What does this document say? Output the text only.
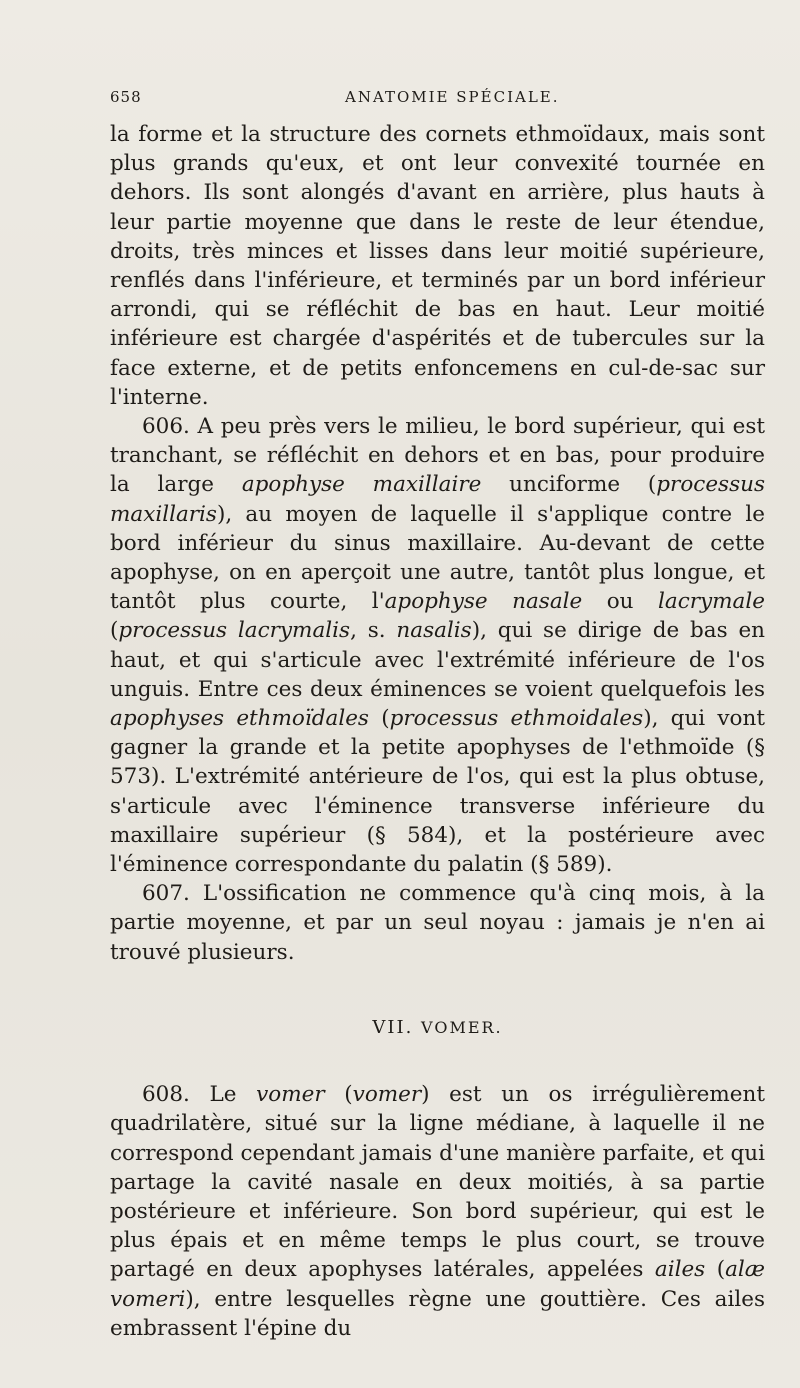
658	ANATOMIE SPÉCIALE.

la forme et la structure des cornets ethmoïdaux, mais sont plus grands qu'eux, et ont leur convexité tournée en dehors. Ils sont alongés d'avant en arrière, plus hauts à leur partie moyenne que dans le reste de leur étendue, droits, très minces et lisses dans leur moitié supérieure, renflés dans l'inférieure, et terminés par un bord inférieur arrondi, qui se réfléchit de bas en haut. Leur moitié inférieure est chargée d'aspérités et de tubercules sur la face externe, et de petits enfoncemens en cul-de-sac sur l'interne.

606. A peu près vers le milieu, le bord supérieur, qui est tranchant, se réfléchit en dehors et en bas, pour produire la large apophyse maxillaire unciforme (processus maxillaris), au moyen de laquelle il s'applique contre le bord inférieur du sinus maxillaire. Au-devant de cette apophyse, on en aperçoit une autre, tantôt plus longue, et tantôt plus courte, l'apophyse nasale ou lacrymale (processus lacrymalis, s. nasalis), qui se dirige de bas en haut, et qui s'articule avec l'extrémité inférieure de l'os unguis. Entre ces deux éminences se voient quelquefois les apophyses ethmoïdales (processus ethmoidales), qui vont gagner la grande et la petite apophyses de l'ethmoïde (§ 573). L'extrémité antérieure de l'os, qui est la plus obtuse, s'articule avec l'éminence transverse inférieure du maxillaire supérieur (§ 584), et la postérieure avec l'éminence correspondante du palatin (§ 589).

607. L'ossification ne commence qu'à cinq mois, à la partie moyenne, et par un seul noyau : jamais je n'en ai trouvé plusieurs.

VII. VOMER.

608. Le vomer (vomer) est un os irrégulièrement quadrilatère, situé sur la ligne médiane, à laquelle il ne correspond cependant jamais d'une manière parfaite, et qui partage la cavité nasale en deux moitiés, à sa partie postérieure et inférieure. Son bord supérieur, qui est le plus épais et en même temps le plus court, se trouve partagé en deux apophyses latérales, appelées ailes (alæ vomeri), entre lesquelles règne une gouttière. Ces ailes embrassent l'épine du
